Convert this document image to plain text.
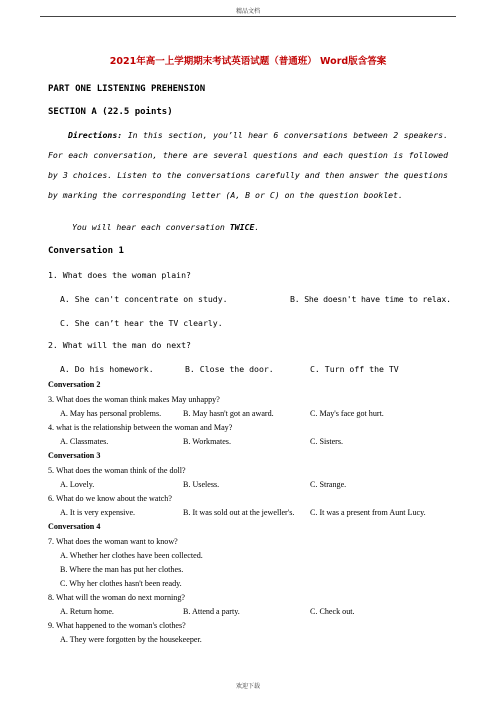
精品文档
2021年高一上学期期末考试英语试题（普通班） Word版含答案
PART ONE LISTENING PREHENSION
SECTION A (22.5 points)
Directions: In this section, you’ll hear 6 conversations between 2 speakers. For each conversation, there are several questions and each question is followed by 3 choices. Listen to the conversations carefully and then answer the questions by marking the corresponding letter (A, B or C) on the question booklet.
You will hear each conversation TWICE.
Conversation 1
1. What does the woman plain?
A. She can't concentrate on study.	B. She doesn't have time to relax.
C. She can’t hear the TV clearly.
2. What will the man do next?
A. Do his homework.	B. Close the door.	C. Turn off the TV
Conversation 2
3. What does the woman think makes May unhappy?
A. May has personal problems.	B. May hasn't got an award.	C. May's face got hurt.
4. what is the relationship between the woman and May?
A. Classmates.	B. Workmates.	C. Sisters.
Conversation 3
5. What does the woman think of the doll?
A. Lovely.	B. Useless.	C. Strange.
6. What do we know about the watch?
A. It is very expensive.	B. It was sold out at the jeweller's. C. It was a present from Aunt Lucy.
Conversation 4
7. What does the woman want to know?
A. Whether her clothes have been collected.
B. Where the man has put her clothes.
C. Why her clothes hasn't been ready.
8. What will the woman do next morning?
A. Return home.	B. Attend a party.	C. Check out.
9. What happened to the woman's clothes?
A. They were forgotten by the housekeeper.
欢迎下载
